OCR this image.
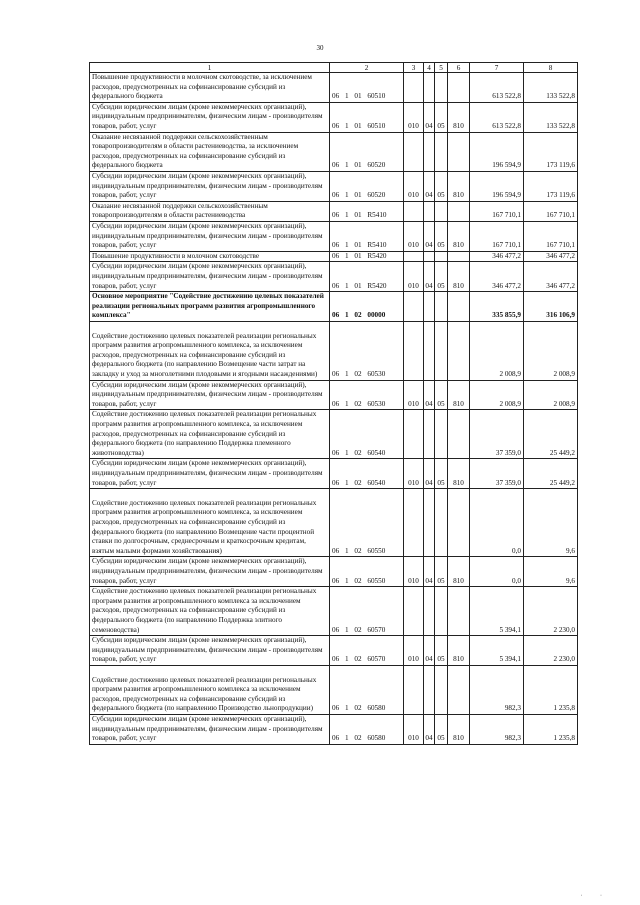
30
1	2	3	4	5	6	7	8
Повышение продуктивности в молочном скотоводстве, за исключением расходов, предусмотренных на софинансирование субсидий из федерального бюджета	06 1 01 60510					613 522,8	133 522,8
Субсидии юридическим лицам (кроме некоммерческих организаций), индивидуальным предпринимателям, физическим лицам - производителям товаров, работ, услуг	06 1 01 60510	010	04	05	810	613 522,8	133 522,8
Оказание несвязанной поддержки сельскохозяйственным товаропроизводителям в области растениеводства, за исключением расходов, предусмотренных на софинансирование субсидий из федерального бюджета	06 1 01 60520					196 594,9	173 119,6
Субсидии юридическим лицам (кроме некоммерческих организаций), индивидуальным предпринимателям, физическим лицам - производителям товаров, работ, услуг	06 1 01 60520	010	04	05	810	196 594,9	173 119,6
Оказание несвязанной поддержки сельскохозяйственным товаропроизводителям в области растениеводства	06 1 01 R5410					167 710,1	167 710,1
Субсидии юридическим лицам (кроме некоммерческих организаций), индивидуальным предпринимателям, физическим лицам - производителям товаров, работ, услуг	06 1 01 R5410	010	04	05	810	167 710,1	167 710,1
Повышение продуктивности в молочном скотоводстве	06 1 01 R5420					346 477,2	346 477,2
Субсидии юридическим лицам (кроме некоммерческих организаций), индивидуальным предпринимателям, физическим лицам - производителям товаров, работ, услуг	06 1 01 R5420	010	04	05	810	346 477,2	346 477,2
Основное мероприятие "Содействие достижению целевых показателей реализации региональных программ развития агропромышленного комплекса"	06 1 02 00000					335 855,9	316 106,9
Содействие достижению целевых показателей реализации региональных программ развития агропромышленного комплекса, за исключением расходов, предусмотренных на софинансирование субсидий из федерального бюджета (по направлению Возмещение части затрат на закладку и уход за многолетними плодовыми и ягодными насаждениями)	06 1 02 60530					2 008,9	2 008,9
Субсидии юридическим лицам (кроме некоммерческих организаций), индивидуальным предпринимателям, физическим лицам - производителям товаров, работ, услуг	06 1 02 60530	010	04	05	810	2 008,9	2 008,9
Содействие достижению целевых показателей реализации региональных программ развития агропромышленного комплекса, за исключением расходов, предусмотренных на софинансирование субсидий из федерального бюджета (по направлению Поддержка племенного животноводства)	06 1 02 60540					37 359,0	25 449,2
Субсидии юридическим лицам (кроме некоммерческих организаций), индивидуальным предпринимателям, физическим лицам - производителям товаров, работ, услуг	06 1 02 60540	010	04	05	810	37 359,0	25 449,2
Содействие достижению целевых показателей реализации региональных программ развития агропромышленного комплекса, за исключением расходов, предусмотренных на софинансирование субсидий из федерального бюджета (по направлению Возмещение части процентной ставки по долгосрочным, среднесрочным и краткосрочным кредитам, взятым малыми формами хозяйствования)	06 1 02 60550					0,0	9,6
Субсидии юридическим лицам (кроме некоммерческих организаций), индивидуальным предпринимателям, физическим лицам - производителям товаров, работ, услуг	06 1 02 60550	010	04	05	810	0,0	9,6
Содействие достижению целевых показателей реализации региональных программ развития агропромышленного комплекса за исключением расходов, предусмотренных на софинансирование субсидий из федерального бюджета (по направлению Поддержка элитного семеноводства)	06 1 02 60570					5 394,1	2 230,0
Субсидии юридическим лицам (кроме некоммерческих организаций), индивидуальным предпринимателям, физическим лицам - производителям товаров, работ, услуг	06 1 02 60570	010	04	05	810	5 394,1	2 230,0
Содействие достижению целевых показателей реализации региональных программ развития агропромышленного комплекса за исключением расходов, предусмотренных на софинансирование субсидий из федерального бюджета (по направлению Производство льнопродукции)	06 1 02 60580					982,3	1 235,8
Субсидии юридическим лицам (кроме некоммерческих организаций), индивидуальным предпринимателям, физическим лицам - производителям товаров, работ, услуг	06 1 02 60580	010	04	05	810	982,3	1 235,8
· ·
